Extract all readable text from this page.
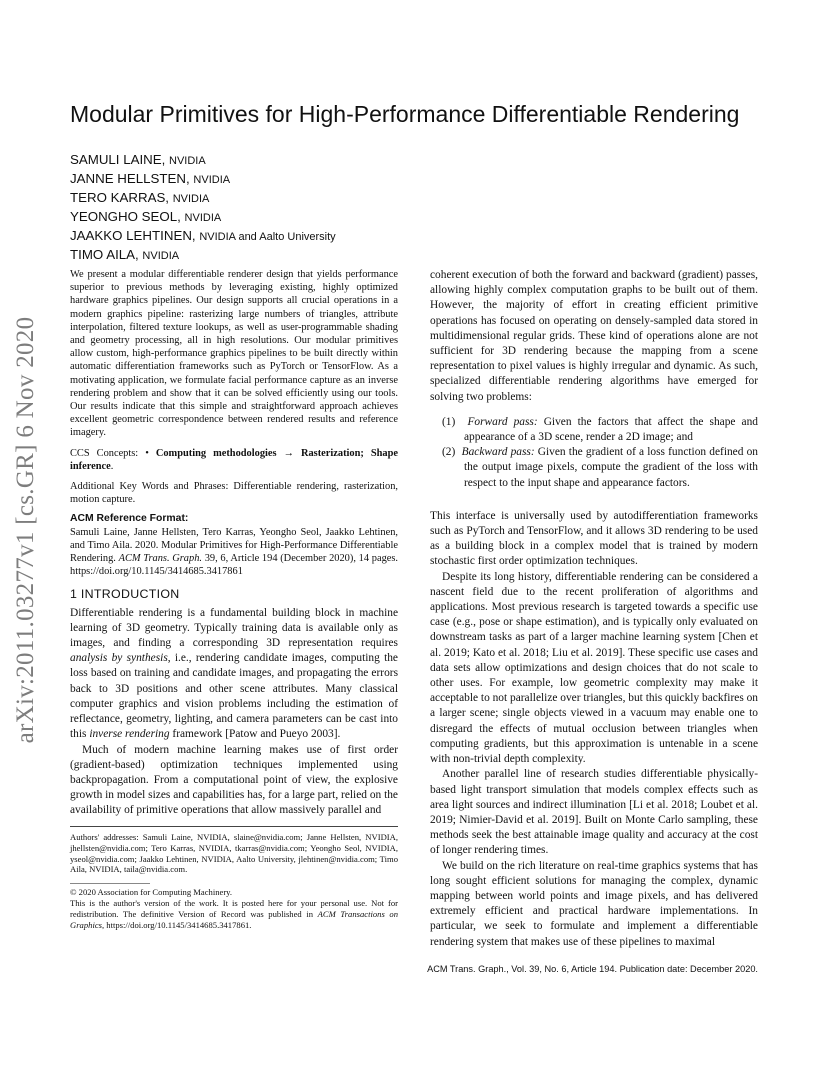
arXiv:2011.03277v1 [cs.GR] 6 Nov 2020
Modular Primitives for High-Performance Differentiable Rendering
SAMULI LAINE, NVIDIA
JANNE HELLSTEN, NVIDIA
TERO KARRAS, NVIDIA
YEONGHO SEOL, NVIDIA
JAAKKO LEHTINEN, NVIDIA and Aalto University
TIMO AILA, NVIDIA

We present a modular differentiable renderer design that yields performance superior to previous methods by leveraging existing, highly optimized hardware graphics pipelines. Our design supports all crucial operations in a modern graphics pipeline: rasterizing large numbers of triangles, attribute interpolation, filtered texture lookups, as well as user-programmable shading and geometry processing, all in high resolutions. Our modular primitives allow custom, high-performance graphics pipelines to be built directly within automatic differentiation frameworks such as PyTorch or TensorFlow. As a motivating application, we formulate facial performance capture as an inverse rendering problem and show that it can be solved efficiently using our tools. Our results indicate that this simple and straightforward approach achieves excellent geometric correspondence between rendered results and reference imagery.

CCS Concepts: • Computing methodologies → Rasterization; Shape inference.

Additional Key Words and Phrases: Differentiable rendering, rasterization, motion capture.

ACM Reference Format:

Samuli Laine, Janne Hellsten, Tero Karras, Yeongho Seol, Jaakko Lehtinen, and Timo Aila. 2020. Modular Primitives for High-Performance Differentiable Rendering. ACM Trans. Graph. 39, 6, Article 194 (December 2020), 14 pages. https://doi.org/10.1145/3414685.3417861

1 INTRODUCTION

Differentiable rendering is a fundamental building block in machine learning of 3D geometry. Typically training data is available only as images, and finding a corresponding 3D representation requires analysis by synthesis, i.e., rendering candidate images, computing the loss based on training and candidate images, and propagating the errors back to 3D positions and other scene attributes. Many classical computer graphics and vision problems including the estimation of reflectance, geometry, lighting, and camera parameters can be cast into this inverse rendering framework [Patow and Pueyo 2003].

Much of modern machine learning makes use of first order (gradient-based) optimization techniques implemented using backpropagation. From a computational point of view, the explosive growth in model sizes and capabilities has, for a large part, relied on the availability of primitive operations that allow massively parallel and

Authors' addresses: Samuli Laine, NVIDIA, slaine@nvidia.com; Janne Hellsten, NVIDIA, jhellsten@nvidia.com; Tero Karras, NVIDIA, tkarras@nvidia.com; Yeongho Seol, NVIDIA, yseol@nvidia.com; Jaakko Lehtinen, NVIDIA, Aalto University, jlehtinen@nvidia.com; Timo Aila, NVIDIA, taila@nvidia.com.

© 2020 Association for Computing Machinery.

This is the author's version of the work. It is posted here for your personal use. Not for redistribution. The definitive Version of Record was published in ACM Transactions on Graphics, https://doi.org/10.1145/3414685.3417861.

coherent execution of both the forward and backward (gradient) passes, allowing highly complex computation graphs to be built out of them. However, the majority of effort in creating efficient primitive operations has focused on operating on densely-sampled data stored in multidimensional regular grids. These kind of operations alone are not sufficient for 3D rendering because the mapping from a scene representation to pixel values is highly irregular and dynamic. As such, specialized differentiable rendering algorithms have emerged for solving two problems:

(1) Forward pass: Given the factors that affect the shape and appearance of a 3D scene, render a 2D image; and
(2) Backward pass: Given the gradient of a loss function defined on the output image pixels, compute the gradient of the loss with respect to the input shape and appearance factors.

This interface is universally used by autodifferentiation frameworks such as PyTorch and TensorFlow, and it allows 3D rendering to be used as a building block in a complex model that is trained by modern stochastic first order optimization techniques.

Despite its long history, differentiable rendering can be considered a nascent field due to the recent proliferation of algorithms and applications. Most previous research is targeted towards a specific use case (e.g., pose or shape estimation), and is typically only evaluated on downstream tasks as part of a larger machine learning system [Chen et al. 2019; Kato et al. 2018; Liu et al. 2019]. These specific use cases and data sets allow optimizations and design choices that do not scale to other uses. For example, low geometric complexity may make it acceptable to not parallelize over triangles, but this quickly backfires on a larger scene; single objects viewed in a vacuum may enable one to disregard the effects of mutual occlusion between triangles when computing gradients, but this approximation is untenable in a scene with non-trivial depth complexity.

Another parallel line of research studies differentiable physically-based light transport simulation that models complex effects such as area light sources and indirect illumination [Li et al. 2018; Loubet et al. 2019; Nimier-David et al. 2019]. Built on Monte Carlo sampling, these methods seek the best attainable image quality and accuracy at the cost of longer rendering times.

We build on the rich literature on real-time graphics systems that has long sought efficient solutions for managing the complex, dynamic mapping between world points and image pixels, and has delivered extremely efficient and practical hardware implementations. In particular, we seek to formulate and implement a differentiable rendering system that makes use of these pipelines to maximal

ACM Trans. Graph., Vol. 39, No. 6, Article 194. Publication date: December 2020.
